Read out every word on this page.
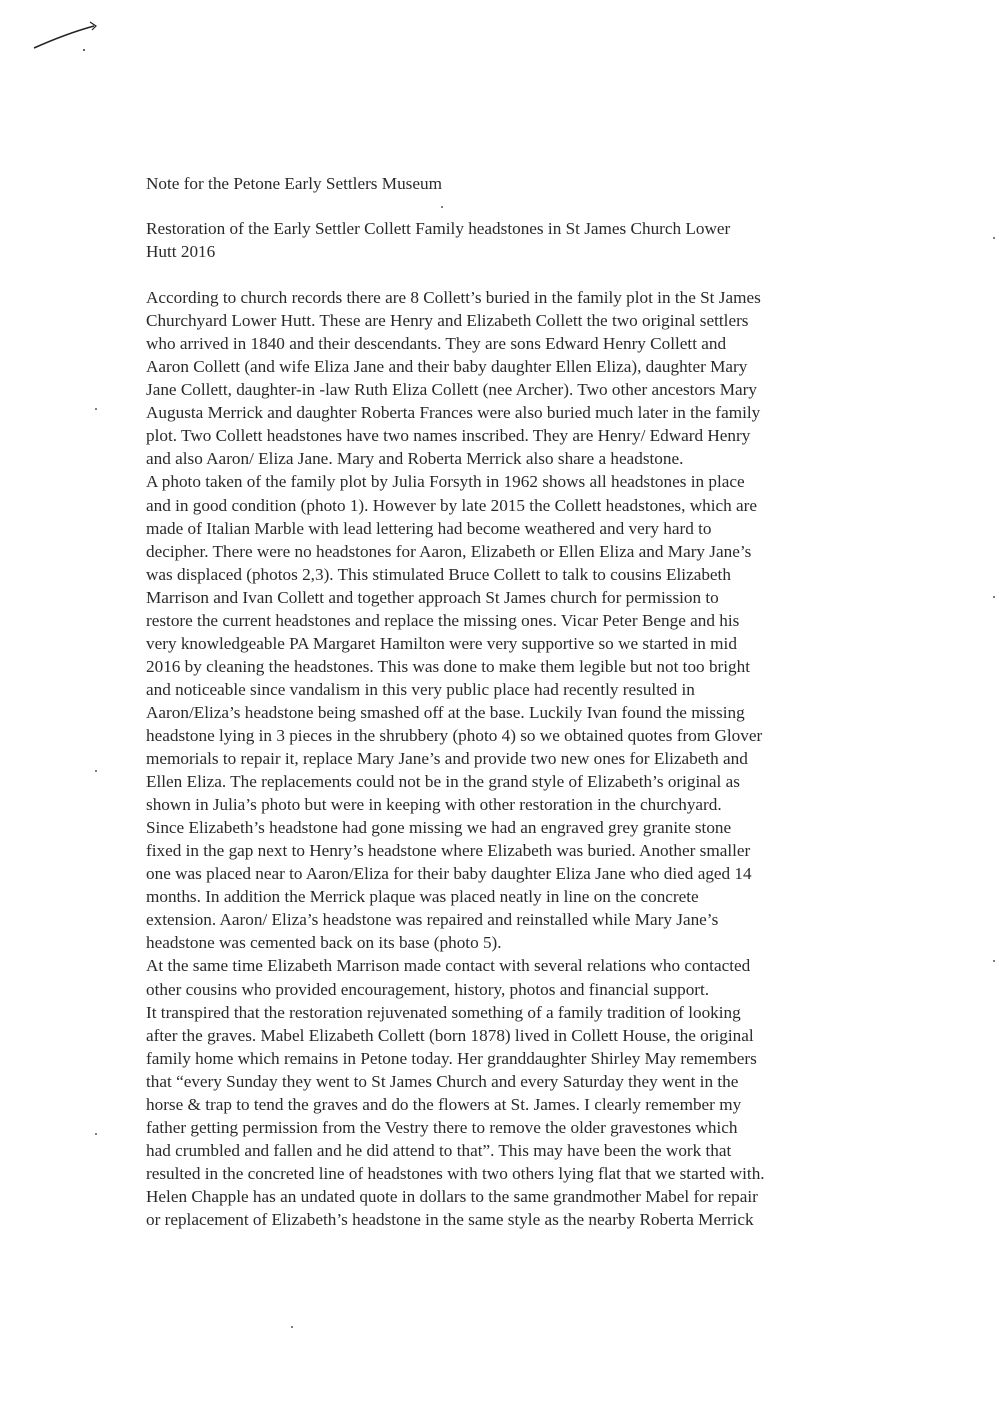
Note for the Petone Early Settlers Museum
Restoration of the Early Settler Collett Family headstones in St James Church Lower
Hutt 2016
According to church records there are 8 Collett’s buried in the family plot in the St James
Churchyard Lower Hutt. These are Henry and Elizabeth Collett the two original settlers
who arrived in 1840 and their descendants. They are sons Edward Henry Collett and
Aaron Collett (and wife Eliza Jane and their baby daughter Ellen Eliza), daughter Mary
Jane Collett, daughter-in -law Ruth Eliza Collett (nee Archer). Two other ancestors Mary
Augusta Merrick and daughter Roberta Frances were also buried much later in the family
plot. Two Collett headstones have two names inscribed. They are Henry/ Edward Henry
and also Aaron/ Eliza Jane. Mary and Roberta Merrick also share a headstone.
A photo taken of the family plot by Julia Forsyth in 1962 shows all headstones in place
and in good condition (photo 1). However by late 2015 the Collett headstones, which are
made of Italian Marble with lead lettering had become weathered and very hard to
decipher. There were no headstones for Aaron, Elizabeth or Ellen Eliza and Mary Jane’s
was displaced (photos 2,3). This stimulated Bruce Collett to talk to cousins Elizabeth
Marrison and Ivan Collett and together approach St James church for permission to
restore the current headstones and replace the missing ones. Vicar Peter Benge and his
very knowledgeable PA Margaret Hamilton were very supportive so we started in mid
2016 by cleaning the headstones. This was done to make them legible but not too bright
and noticeable since vandalism in this very public place had recently resulted in
Aaron/Eliza’s headstone being smashed off at the base. Luckily Ivan found the missing
headstone lying in 3 pieces in the shrubbery (photo 4) so we obtained quotes from Glover
memorials to repair it, replace Mary Jane’s and provide two new ones for Elizabeth and
Ellen Eliza. The replacements could not be in the grand style of Elizabeth’s original as
shown in Julia’s photo but were in keeping with other restoration in the churchyard.
Since Elizabeth’s headstone had gone missing we had an engraved grey granite stone
fixed in the gap next to Henry’s headstone where Elizabeth was buried. Another smaller
one was placed near to Aaron/Eliza for their baby daughter Eliza Jane who died aged 14
months. In addition the Merrick plaque was placed neatly in line on the concrete
extension. Aaron/ Eliza’s headstone was repaired and reinstalled while Mary Jane’s
headstone was cemented back on its base (photo 5).
At the same time Elizabeth Marrison made contact with several relations who contacted
other cousins who provided encouragement, history, photos and financial support.
It transpired that the restoration rejuvenated something of a family tradition of looking
after the graves. Mabel Elizabeth Collett (born 1878) lived in Collett House, the original
family home which remains in Petone today. Her granddaughter Shirley May remembers
that “every Sunday they went to St James Church and every Saturday they went in the
horse & trap to tend the graves and do the flowers at St. James. I clearly remember my
father getting permission from the Vestry there to remove the older gravestones which
had crumbled and fallen and he did attend to that”. This may have been the work that
resulted in the concreted line of headstones with two others lying flat that we started with.
Helen Chapple has an undated quote in dollars to the same grandmother Mabel for repair
or replacement of Elizabeth’s headstone in the same style as the nearby Roberta Merrick
